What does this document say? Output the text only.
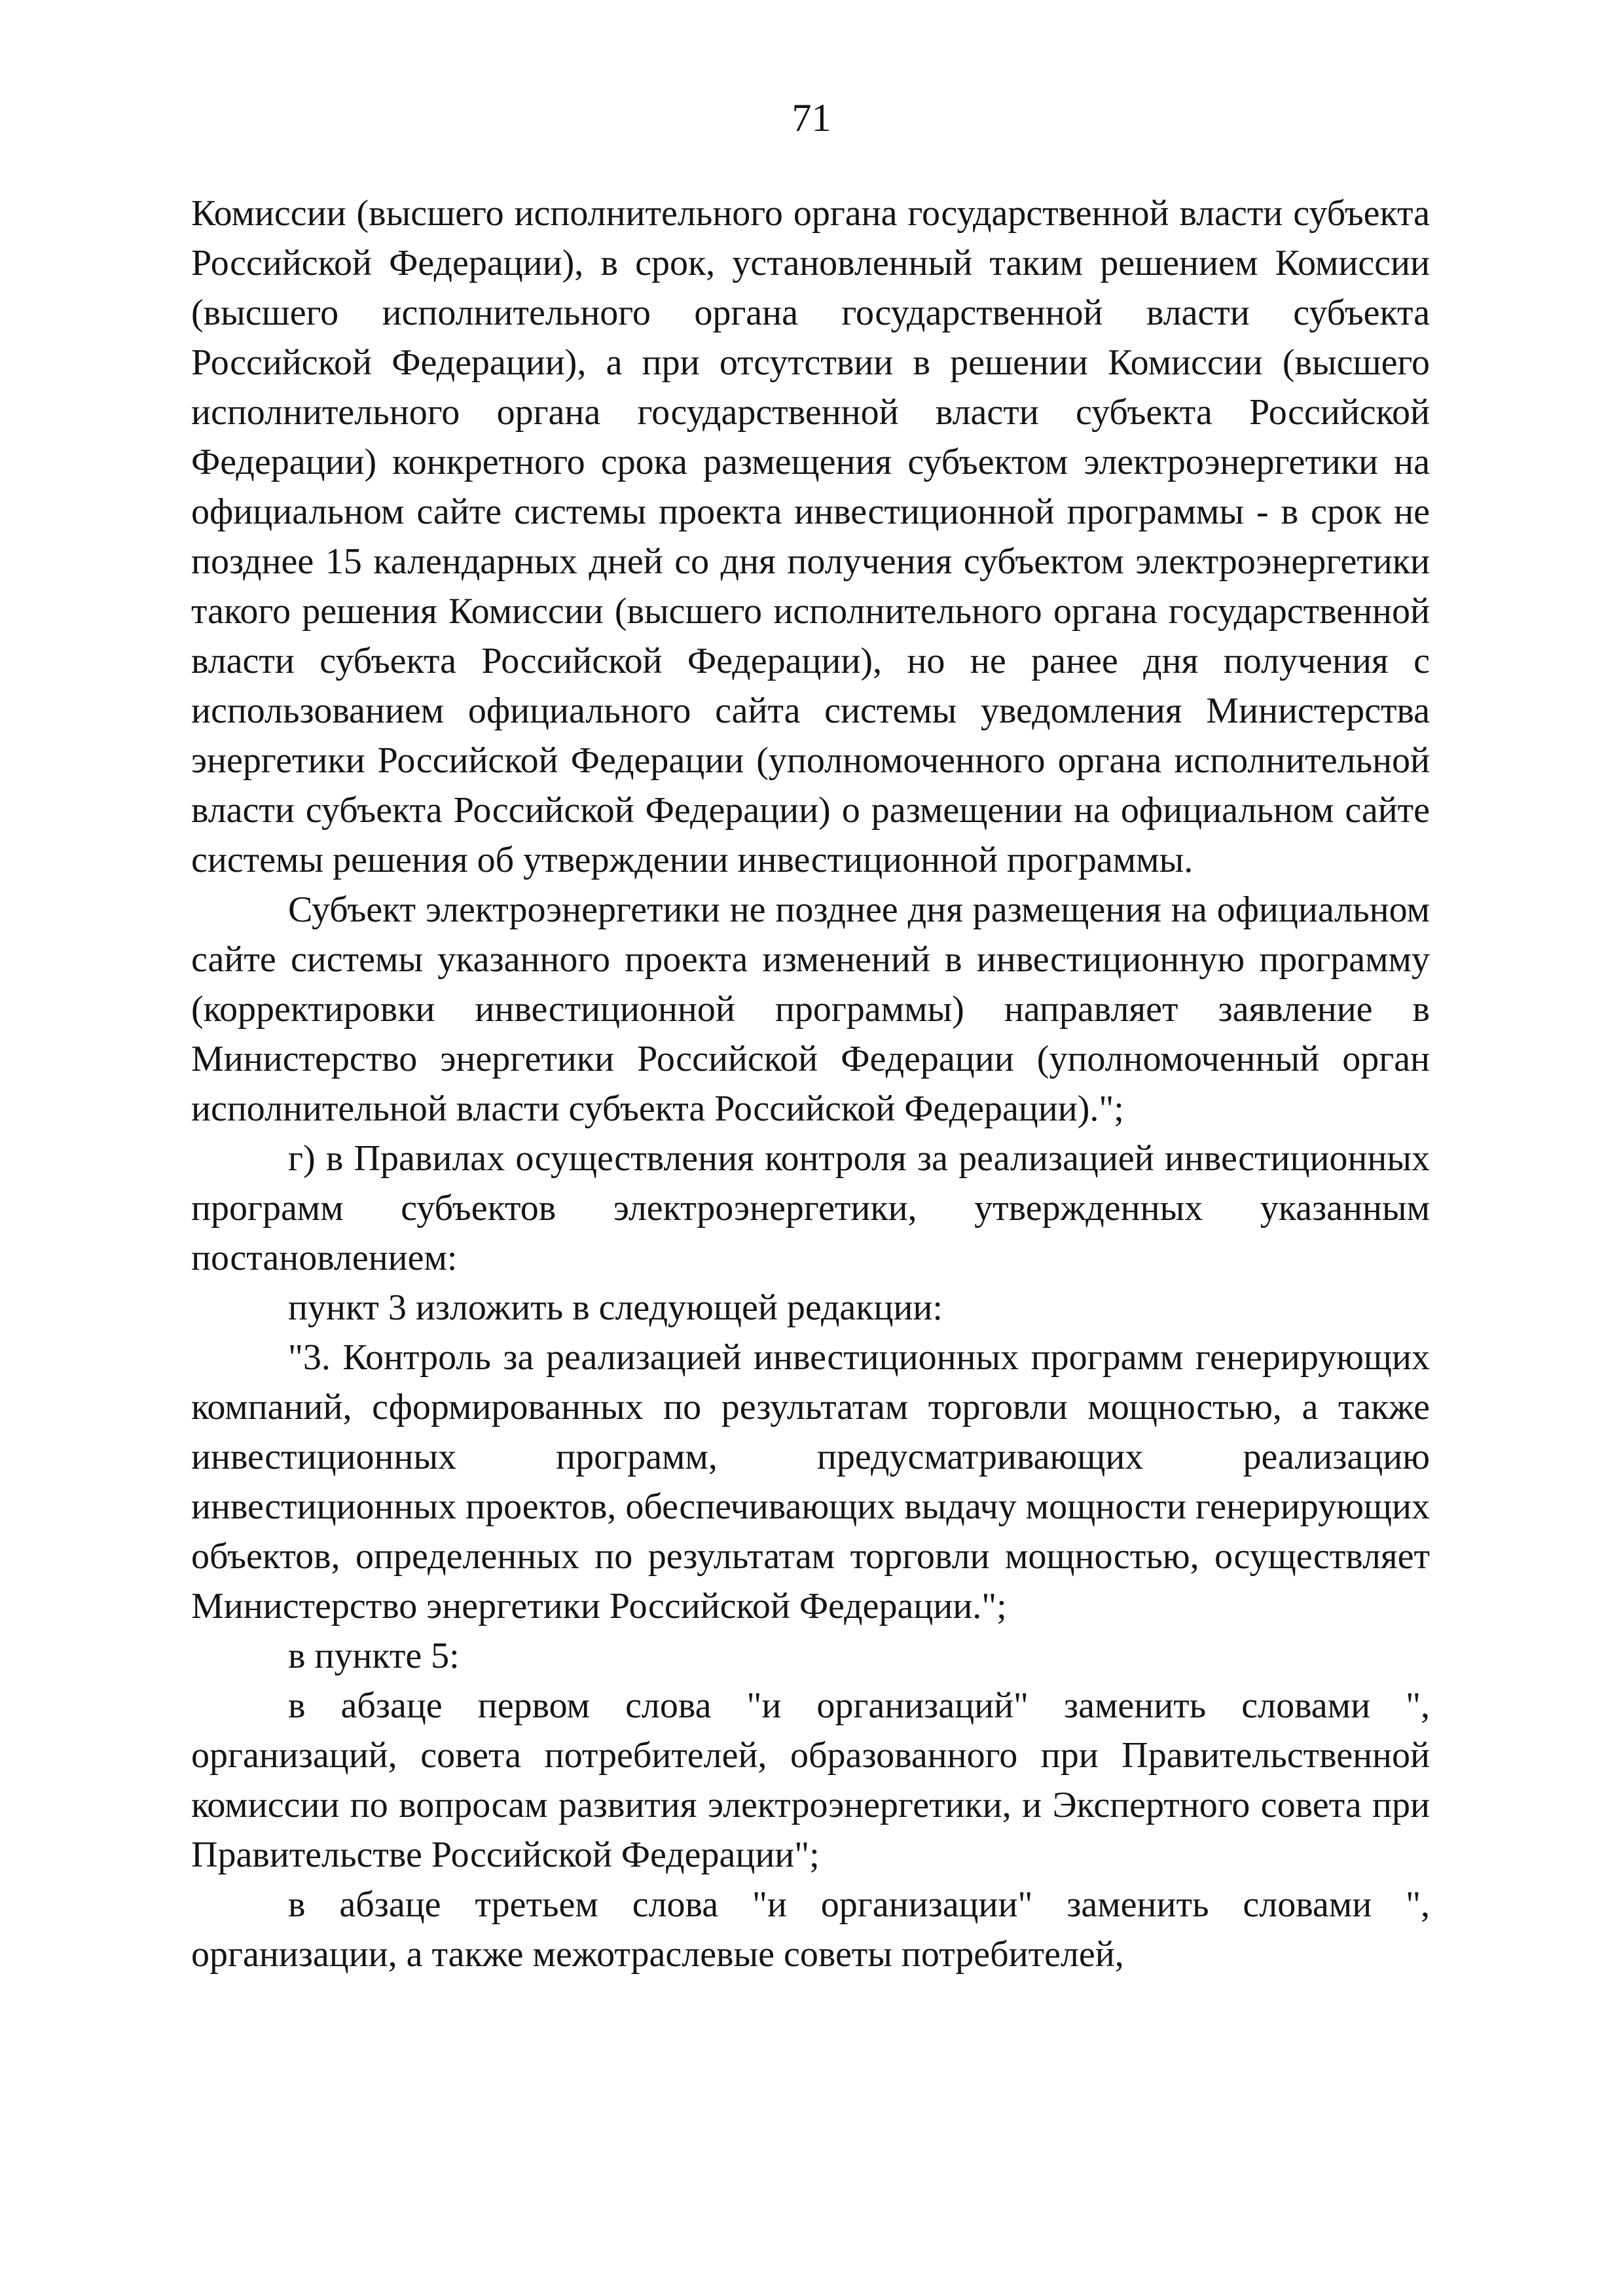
71

Комиссии (высшего исполнительного органа государственной власти субъекта Российской Федерации), в срок, установленный таким решением Комиссии (высшего исполнительного органа государственной власти субъекта Российской Федерации), а при отсутствии в решении Комиссии (высшего исполнительного органа государственной власти субъекта Российской Федерации) конкретного срока размещения субъектом электроэнергетики на официальном сайте системы проекта инвестиционной программы - в срок не позднее 15 календарных дней со дня получения субъектом электроэнергетики такого решения Комиссии (высшего исполнительного органа государственной власти субъекта Российской Федерации), но не ранее дня получения с использованием официального сайта системы уведомления Министерства энергетики Российской Федерации (уполномоченного органа исполнительной власти субъекта Российской Федерации) о размещении на официальном сайте системы решения об утверждении инвестиционной программы.

Субъект электроэнергетики не позднее дня размещения на официальном сайте системы указанного проекта изменений в инвестиционную программу (корректировки инвестиционной программы) направляет заявление в Министерство энергетики Российской Федерации (уполномоченный орган исполнительной власти субъекта Российской Федерации).";

г) в Правилах осуществления контроля за реализацией инвестиционных программ субъектов электроэнергетики, утвержденных указанным постановлением:

пункт 3 изложить в следующей редакции:

"3. Контроль за реализацией инвестиционных программ генерирующих компаний, сформированных по результатам торговли мощностью, а также инвестиционных программ, предусматривающих реализацию инвестиционных проектов, обеспечивающих выдачу мощности генерирующих объектов, определенных по результатам торговли мощностью, осуществляет Министерство энергетики Российской Федерации.";

в пункте 5:

в абзаце первом слова "и организаций" заменить словами ", организаций, совета потребителей, образованного при Правительственной комиссии по вопросам развития электроэнергетики, и Экспертного совета при Правительстве Российской Федерации";

в абзаце третьем слова "и организации" заменить словами ", организации, а также межотраслевые советы потребителей,
